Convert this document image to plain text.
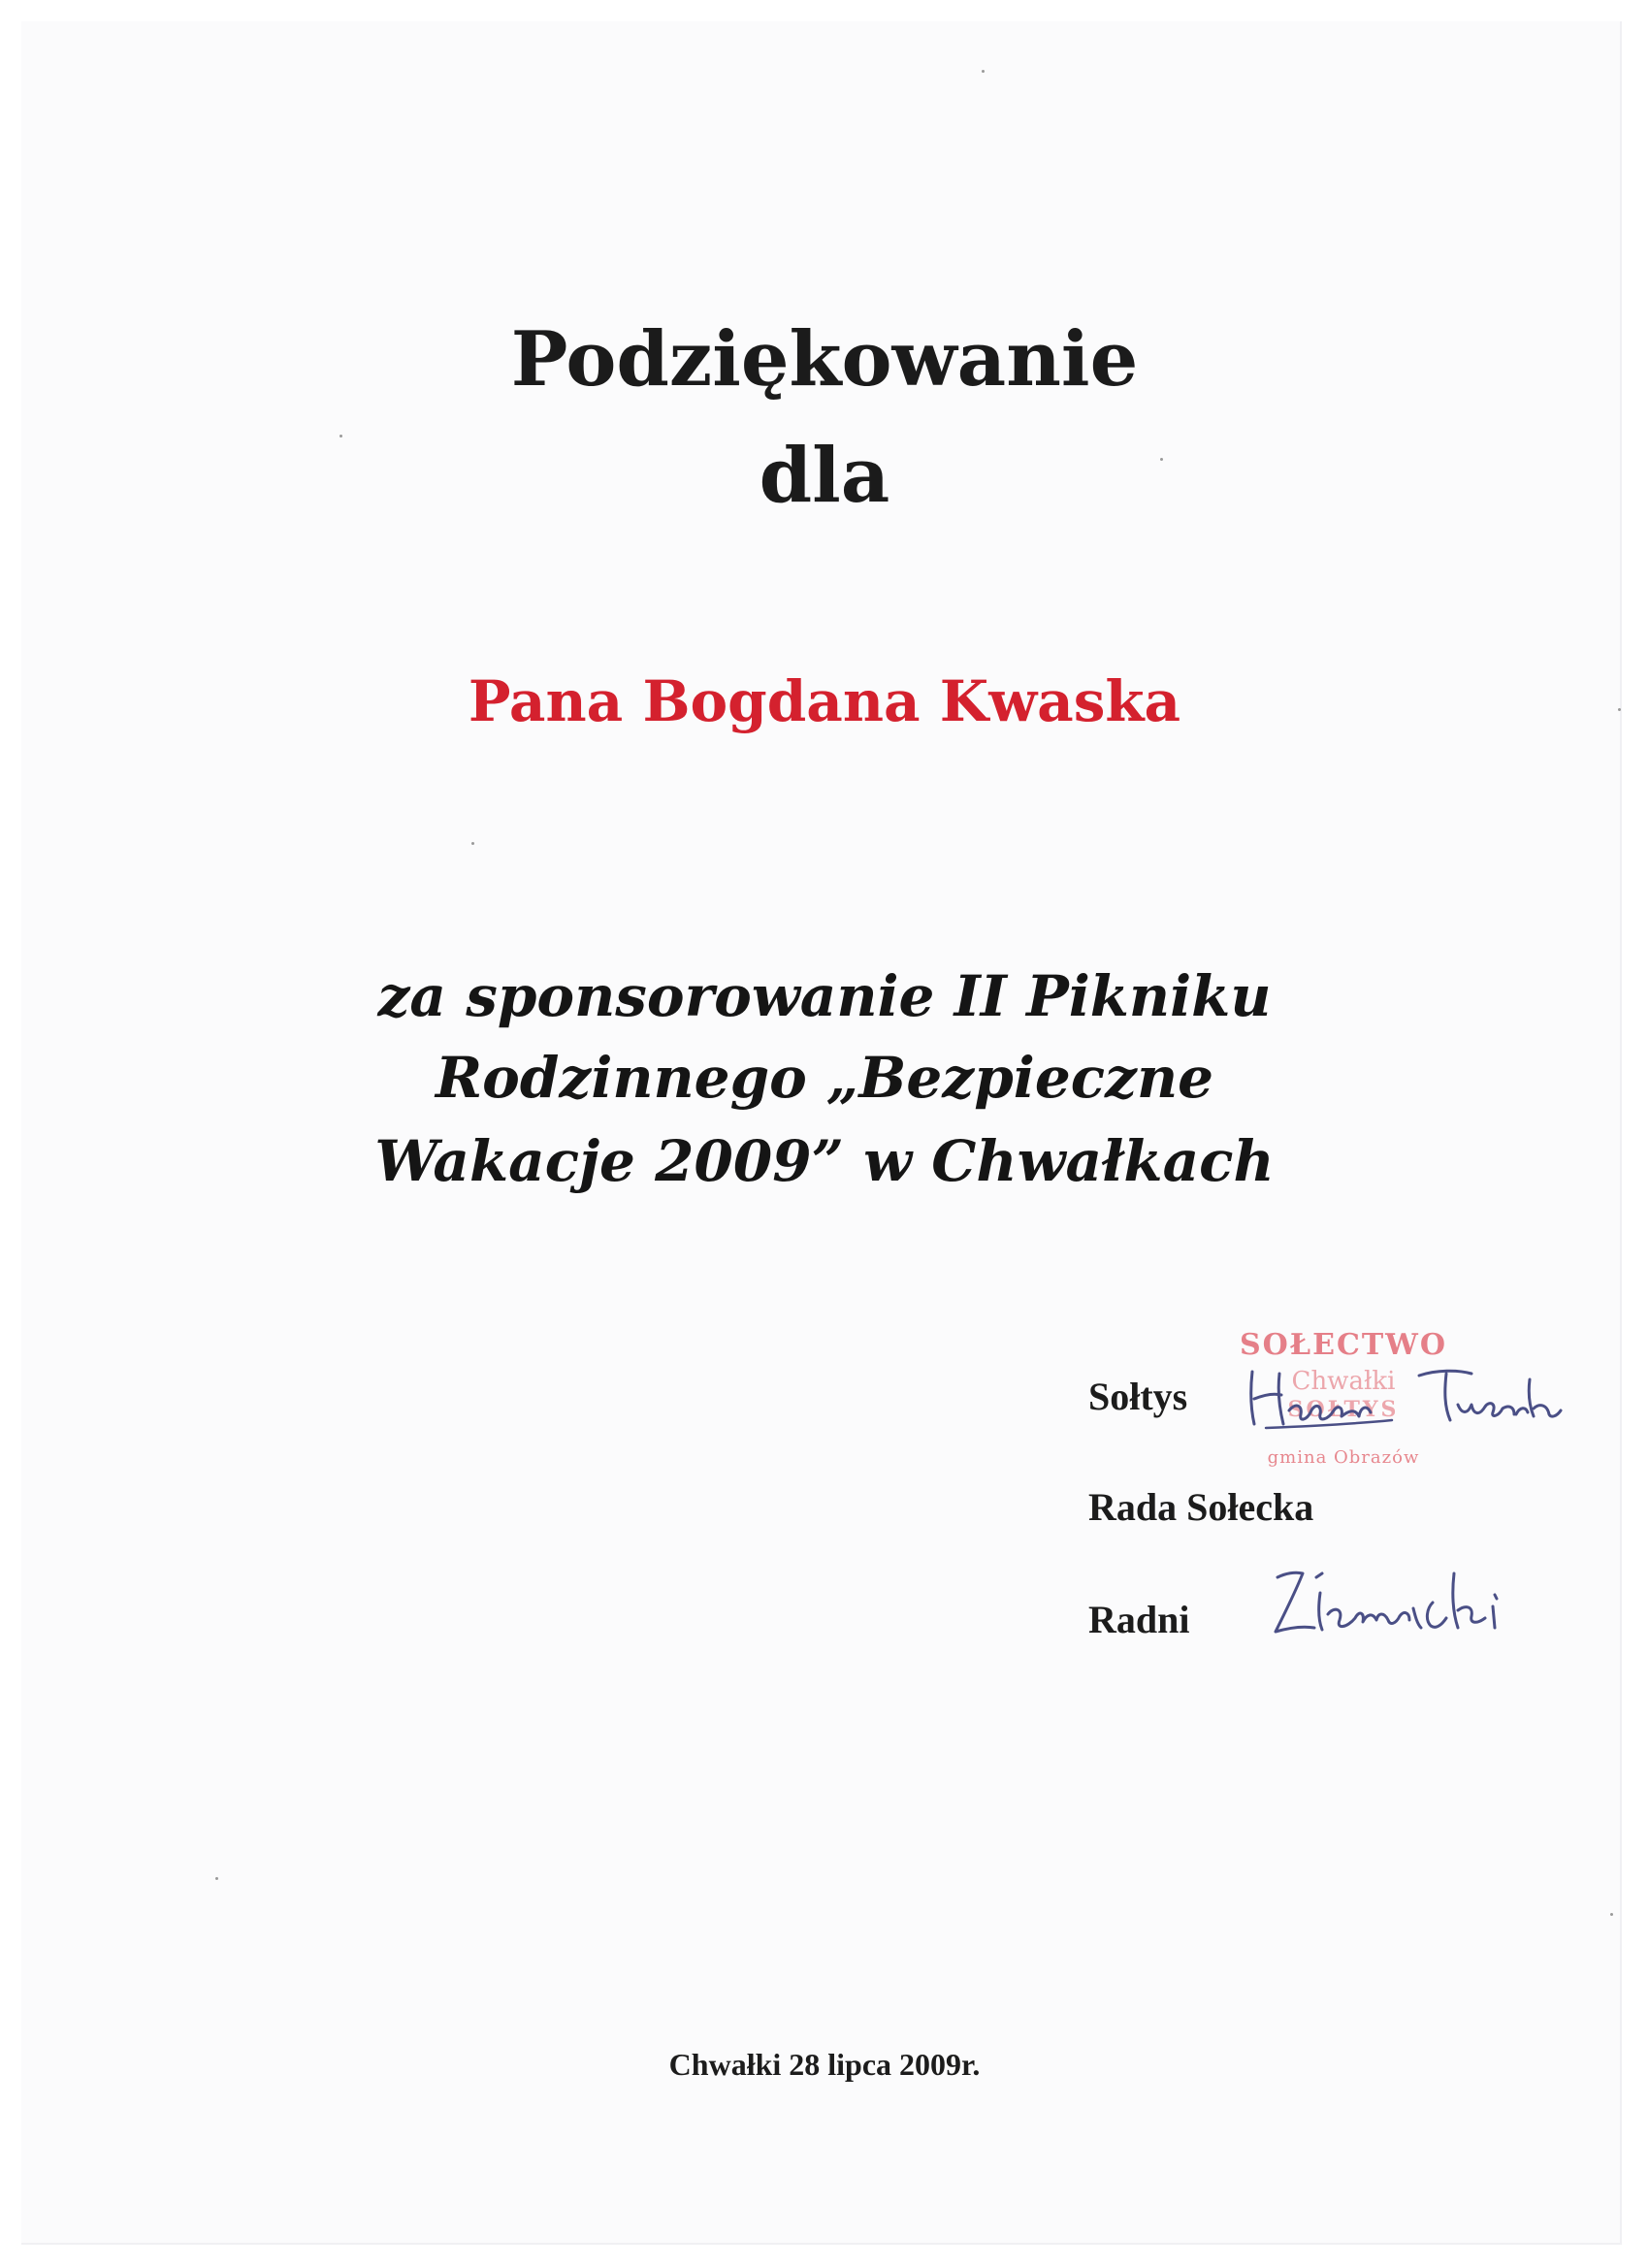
Podziękowanie
dla
Pana Bogdana Kwaska
za sponsorowanie II Pikniku
Rodzinnego „Bezpieczne
Wakacje 2009” w Chwałkach
SOŁECTWO
Chwałki
SOŁTYS
gmina Obrazów
Sołtys
Rada Sołecka
Radni
Chwałki 28 lipca 2009r.
